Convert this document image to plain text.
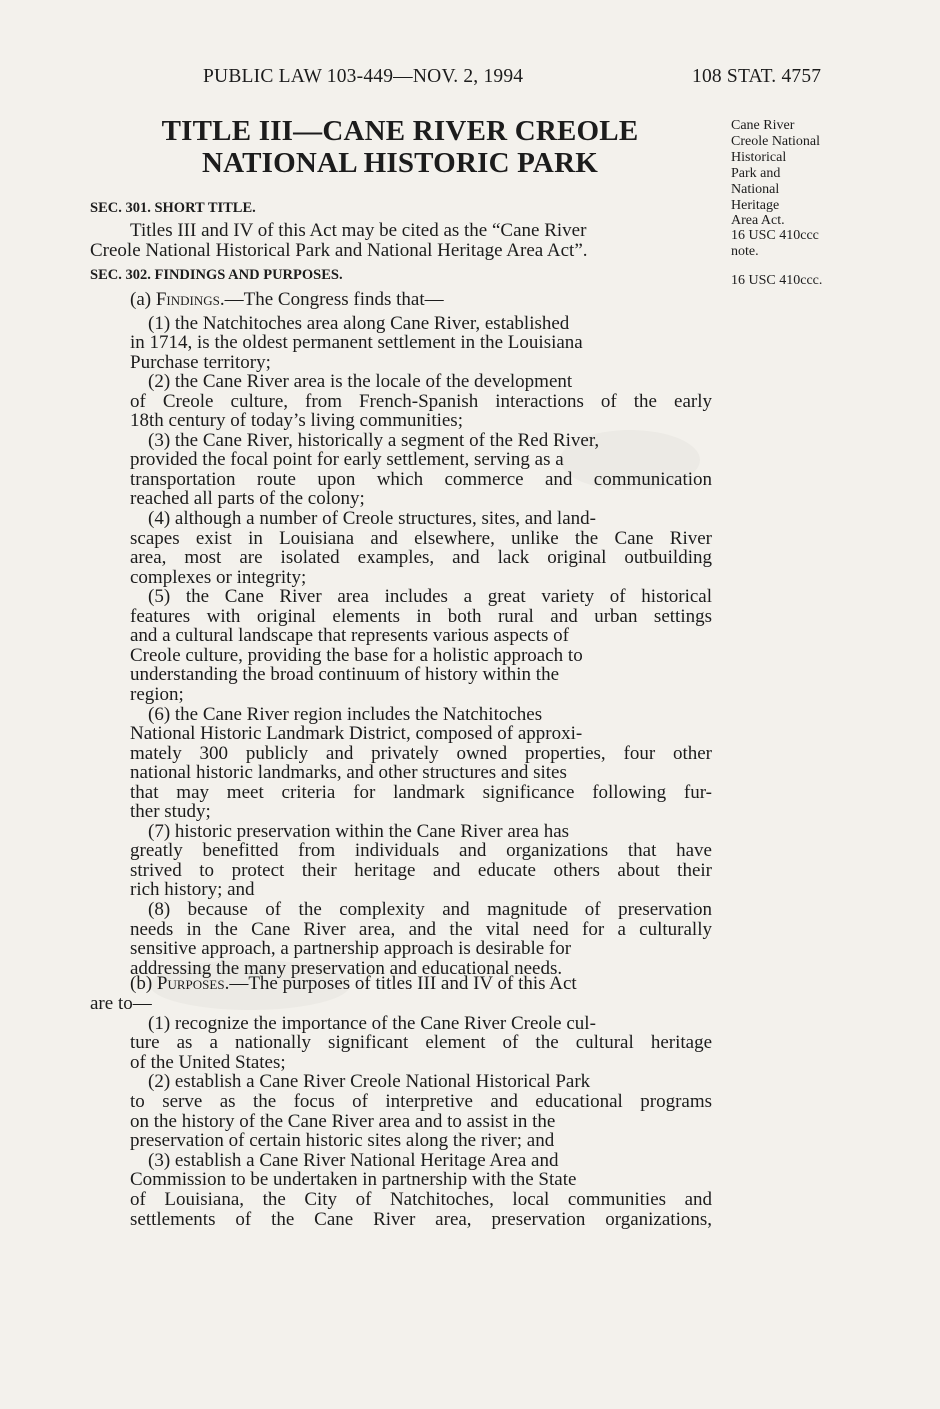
PUBLIC LAW 103-449—NOV. 2, 1994	108 STAT. 4757
TITLE III—CANE RIVER CREOLE
NATIONAL HISTORIC PARK
SEC. 301. SHORT TITLE.
Titles III and IV of this Act may be cited as the “Cane River
Creole National Historical Park and National Heritage Area Act”.
SEC. 302. FINDINGS AND PURPOSES.
(a) Findings.—The Congress finds that—
(1) the Natchitoches area along Cane River, established
in 1714, is the oldest permanent settlement in the Louisiana
Purchase territory;
(2) the Cane River area is the locale of the development
of Creole culture, from French-Spanish interactions of the early
18th century of today’s living communities;
(3) the Cane River, historically a segment of the Red River,
provided the focal point for early settlement, serving as a
transportation route upon which commerce and communication
reached all parts of the colony;
(4) although a number of Creole structures, sites, and land-
scapes exist in Louisiana and elsewhere, unlike the Cane River
area, most are isolated examples, and lack original outbuilding
complexes or integrity;
(5) the Cane River area includes a great variety of historical
features with original elements in both rural and urban settings
and a cultural landscape that represents various aspects of
Creole culture, providing the base for a holistic approach to
understanding the broad continuum of history within the
region;
(6) the Cane River region includes the Natchitoches
National Historic Landmark District, composed of approxi-
mately 300 publicly and privately owned properties, four other
national historic landmarks, and other structures and sites
that may meet criteria for landmark significance following fur-
ther study;
(7) historic preservation within the Cane River area has
greatly benefitted from individuals and organizations that have
strived to protect their heritage and educate others about their
rich history; and
(8) because of the complexity and magnitude of preservation
needs in the Cane River area, and the vital need for a culturally
sensitive approach, a partnership approach is desirable for
addressing the many preservation and educational needs.
(b) Purposes.—The purposes of titles III and IV of this Act
are to—
(1) recognize the importance of the Cane River Creole cul-
ture as a nationally significant element of the cultural heritage
of the United States;
(2) establish a Cane River Creole National Historical Park
to serve as the focus of interpretive and educational programs
on the history of the Cane River area and to assist in the
preservation of certain historic sites along the river; and
(3) establish a Cane River National Heritage Area and
Commission to be undertaken in partnership with the State
of Louisiana, the City of Natchitoches, local communities and
settlements of the Cane River area, preservation organizations,
Cane River
Creole National
Historical
Park and
National
Heritage
Area Act.
16 USC 410ccc
note.
16 USC 410ccc.
